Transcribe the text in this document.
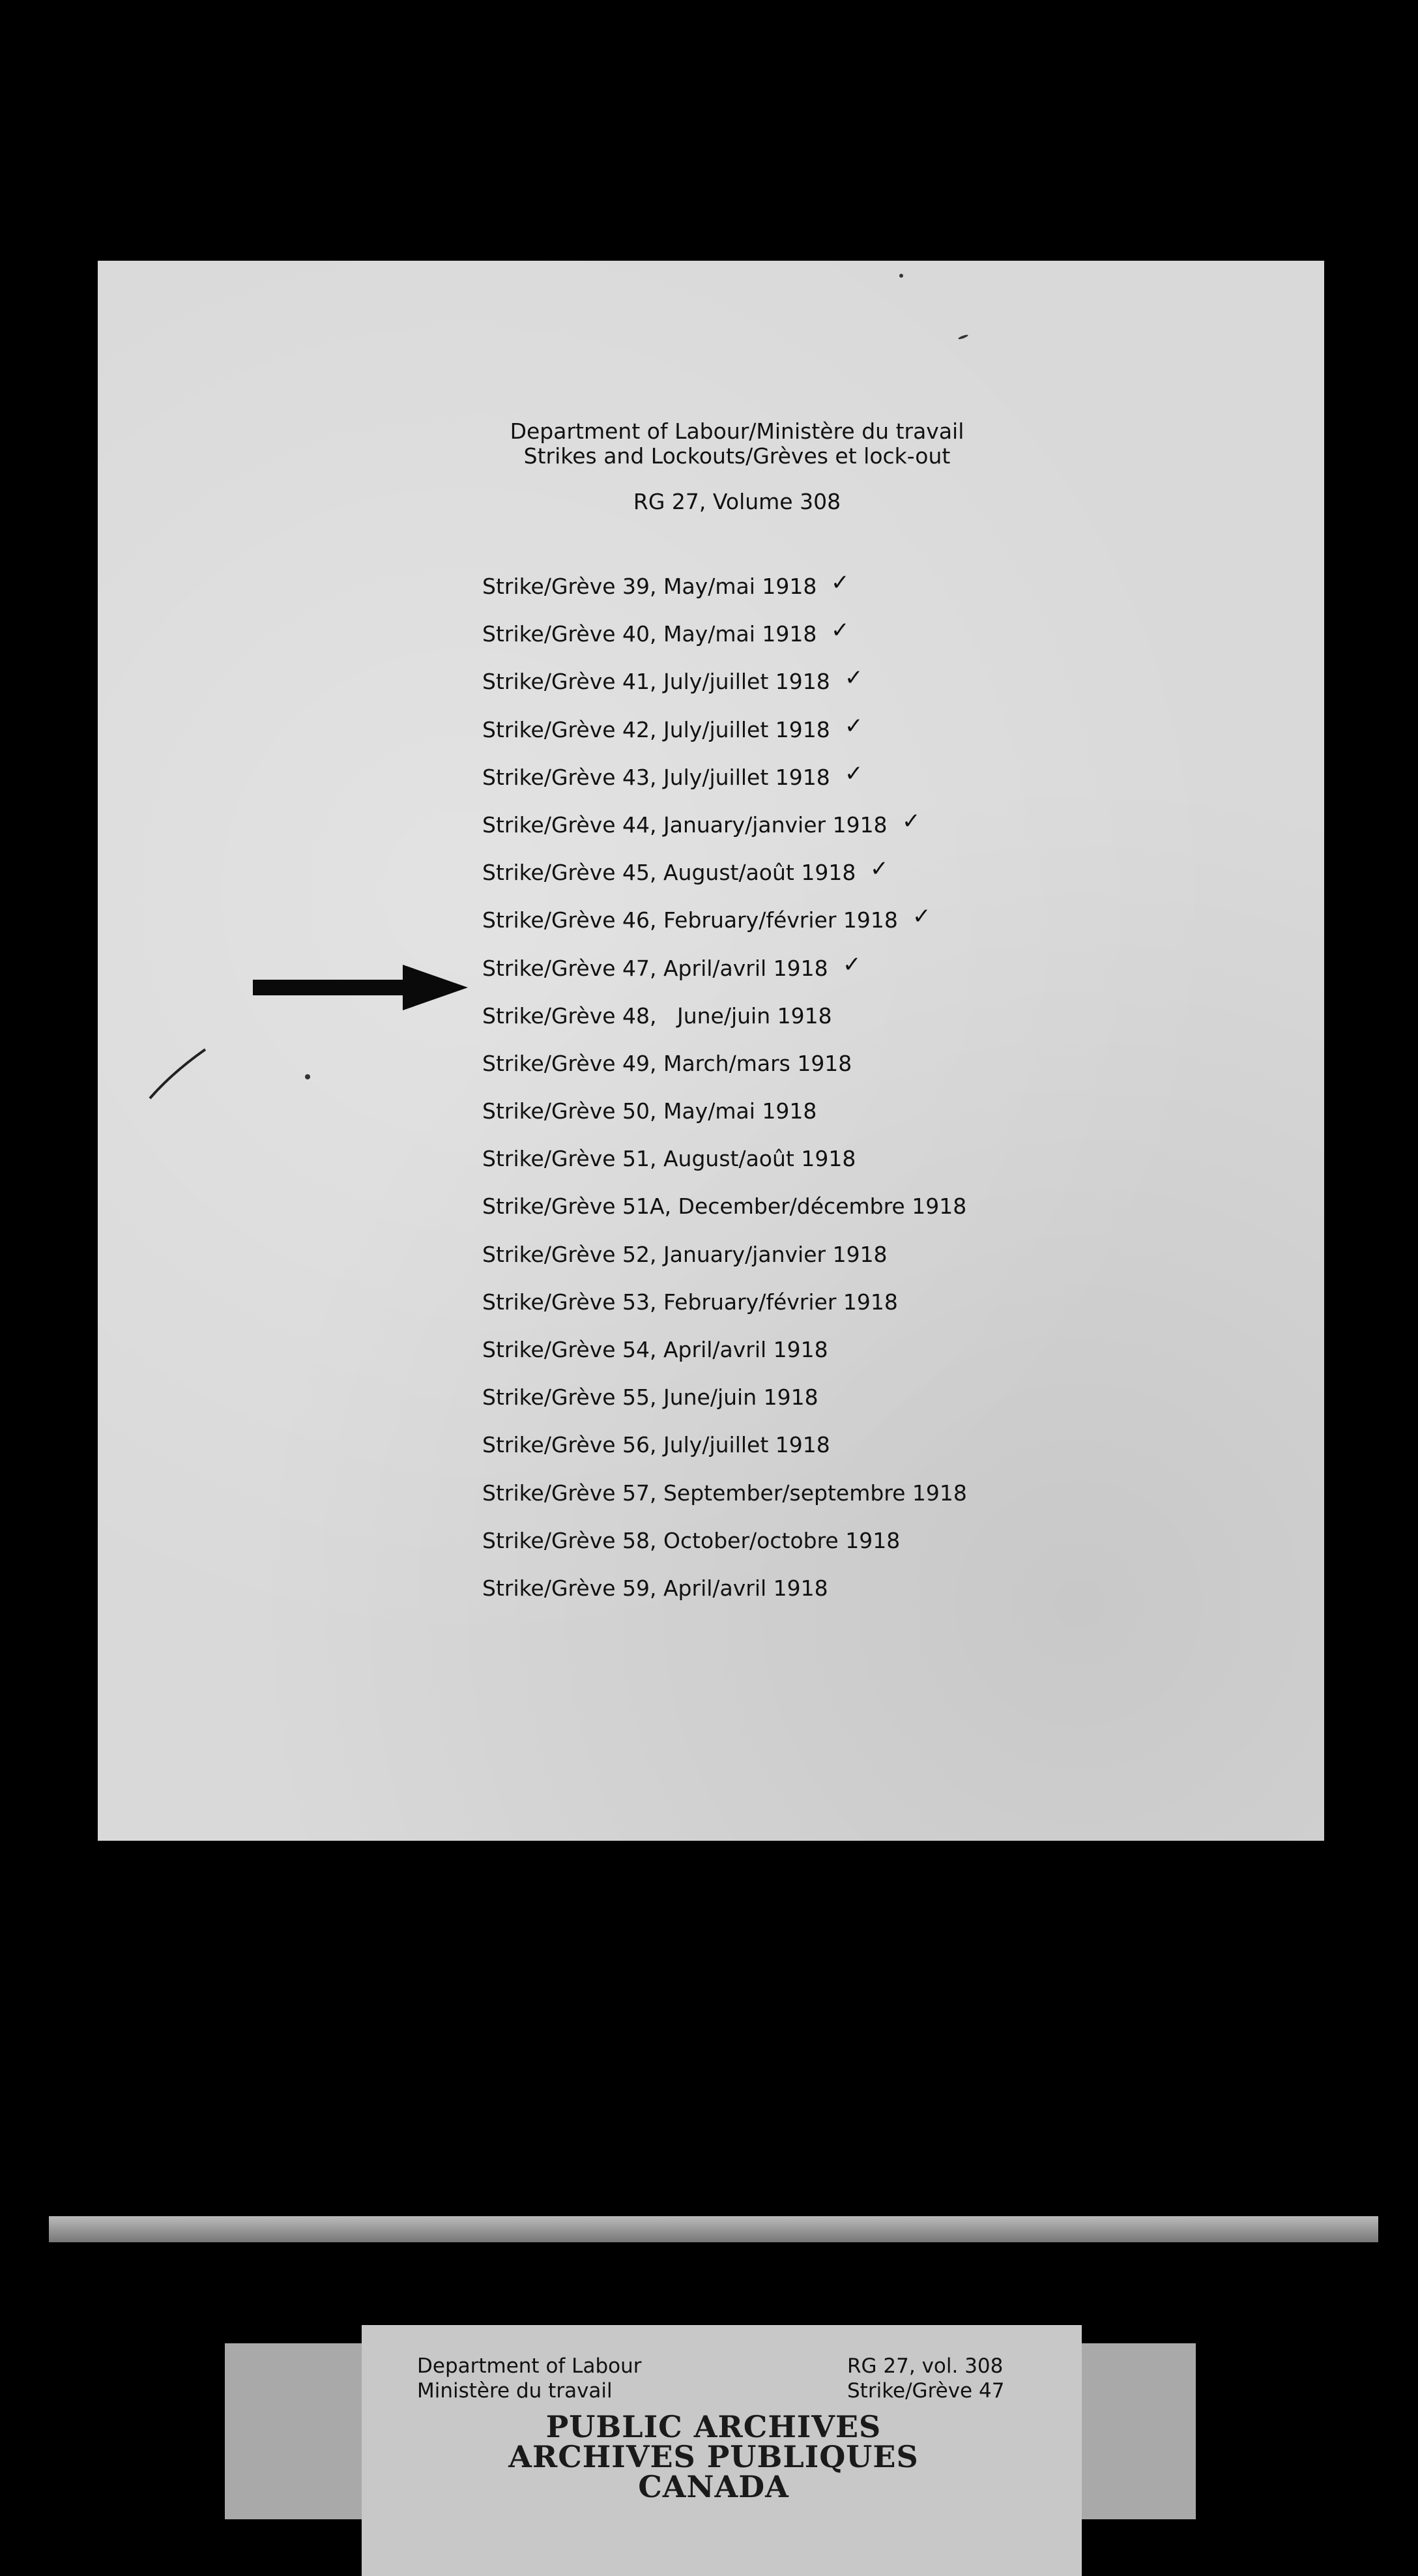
Department of Labour/Ministère du travail
Strikes and Lockouts/Grèves et lock-out
RG 27, Volume 308
Strike/Grève 39, May/mai 1918 ✓
Strike/Grève 40, May/mai 1918 ✓
Strike/Grève 41, July/juillet 1918 ✓
Strike/Grève 42, July/juillet 1918 ✓
Strike/Grève 43, July/juillet 1918 ✓
Strike/Grève 44, January/janvier 1918 ✓
Strike/Grève 45, August/août 1918 ✓
Strike/Grève 46, February/février 1918 ✓
Strike/Grève 47, April/avril 1918 ✓
Strike/Grève 48,   June/juin 1918
Strike/Grève 49, March/mars 1918
Strike/Grève 50, May/mai 1918
Strike/Grève 51, August/août 1918
Strike/Grève 51A, December/décembre 1918
Strike/Grève 52, January/janvier 1918
Strike/Grève 53, February/février 1918
Strike/Grève 54, April/avril 1918
Strike/Grève 55, June/juin 1918
Strike/Grève 56, July/juillet 1918
Strike/Grève 57, September/septembre 1918
Strike/Grève 58, October/octobre 1918
Strike/Grève 59, April/avril 1918
Department of Labour
Ministère du travail
RG 27, vol. 308
Strike/Grève 47
PUBLIC ARCHIVES
ARCHIVES PUBLIQUES
CANADA
